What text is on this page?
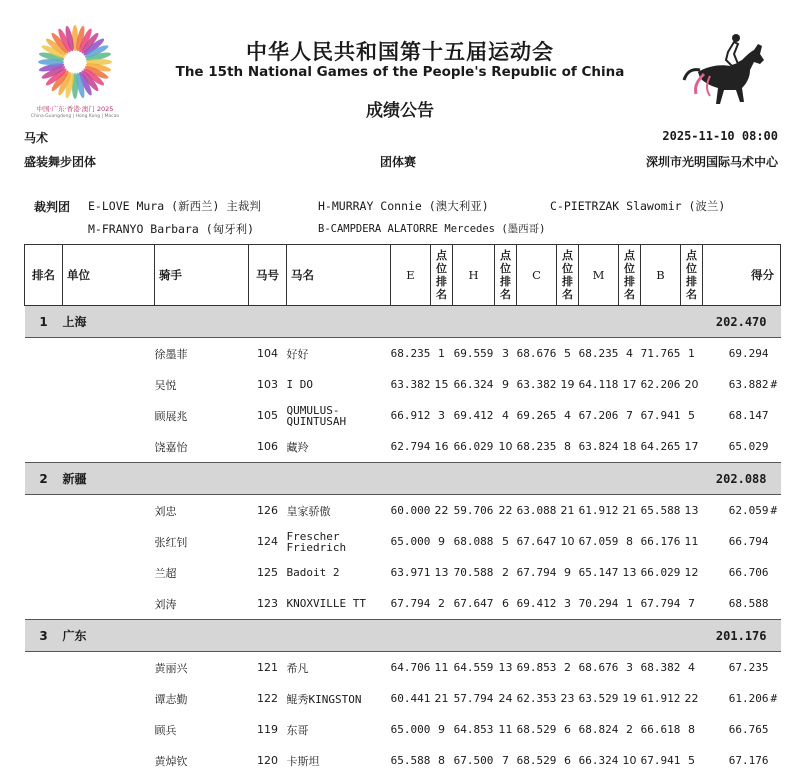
中国·广东·香港·澳门 2025
China·Guangdong | Hong Kong | Macao
中华人民共和国第十五届运动会
The 15th National Games of the People's Republic of China
成绩公告
马术	2025-11-10 08:00
盛装舞步团体	团体赛	深圳市光明国际马术中心
裁判团 E-LOVE Mura (新西兰) 主裁判	H-MURRAY Connie (澳大利亚)	C-PIETRZAK Slawomir (波兰)
M-FRANYO Barbara (匈牙利)	B-CAMPDERA ALATORRE Mercedes (墨西哥)
排名	单位	骑手	马号	马名	E	点位排名	H	点位排名	C	点位排名	M	点位排名	B	点位排名	得分
1	上海														202.470
		徐墨菲	104	好好	68.235	1	69.559	3	68.676	5	68.235	4	71.765	1	69.294
		吴悦	103	I DO	63.382	15	66.324	9	63.382	19	64.118	17	62.206	20	63.882 #
		顾展兆	105	QUMULUS-QUINTUSAH	66.912	3	69.412	4	69.265	4	67.206	7	67.941	5	68.147
		饶嘉怡	106	藏羚	62.794	16	66.029	10	68.235	8	63.824	18	64.265	17	65.029
2	新疆														202.088
		刘忠	126	皇家骄傲	60.000	22	59.706	22	63.088	21	61.912	21	65.588	13	62.059 #
		张红钊	124	Frescher Friedrich	65.000	9	68.088	5	67.647	10	67.059	8	66.176	11	66.794
		兰超	125	Badoit 2	63.971	13	70.588	2	67.794	9	65.147	13	66.029	12	66.706
		刘涛	123	KNOXVILLE TT	67.794	2	67.647	6	69.412	3	70.294	1	67.794	7	68.588
3	广东														201.176
		黄丽兴	121	希凡	64.706	11	64.559	13	69.853	2	68.676	3	68.382	4	67.235
		谭志勤	122	鲲秀KINGSTON	60.441	21	57.794	24	62.353	23	63.529	19	61.912	22	61.206 #
		顾兵	119	东哥	65.000	9	64.853	11	68.529	6	68.824	2	66.618	8	66.765
		黄焯钦	120	卡斯坦	65.588	8	67.500	7	68.529	6	66.324	10	67.941	5	67.176
